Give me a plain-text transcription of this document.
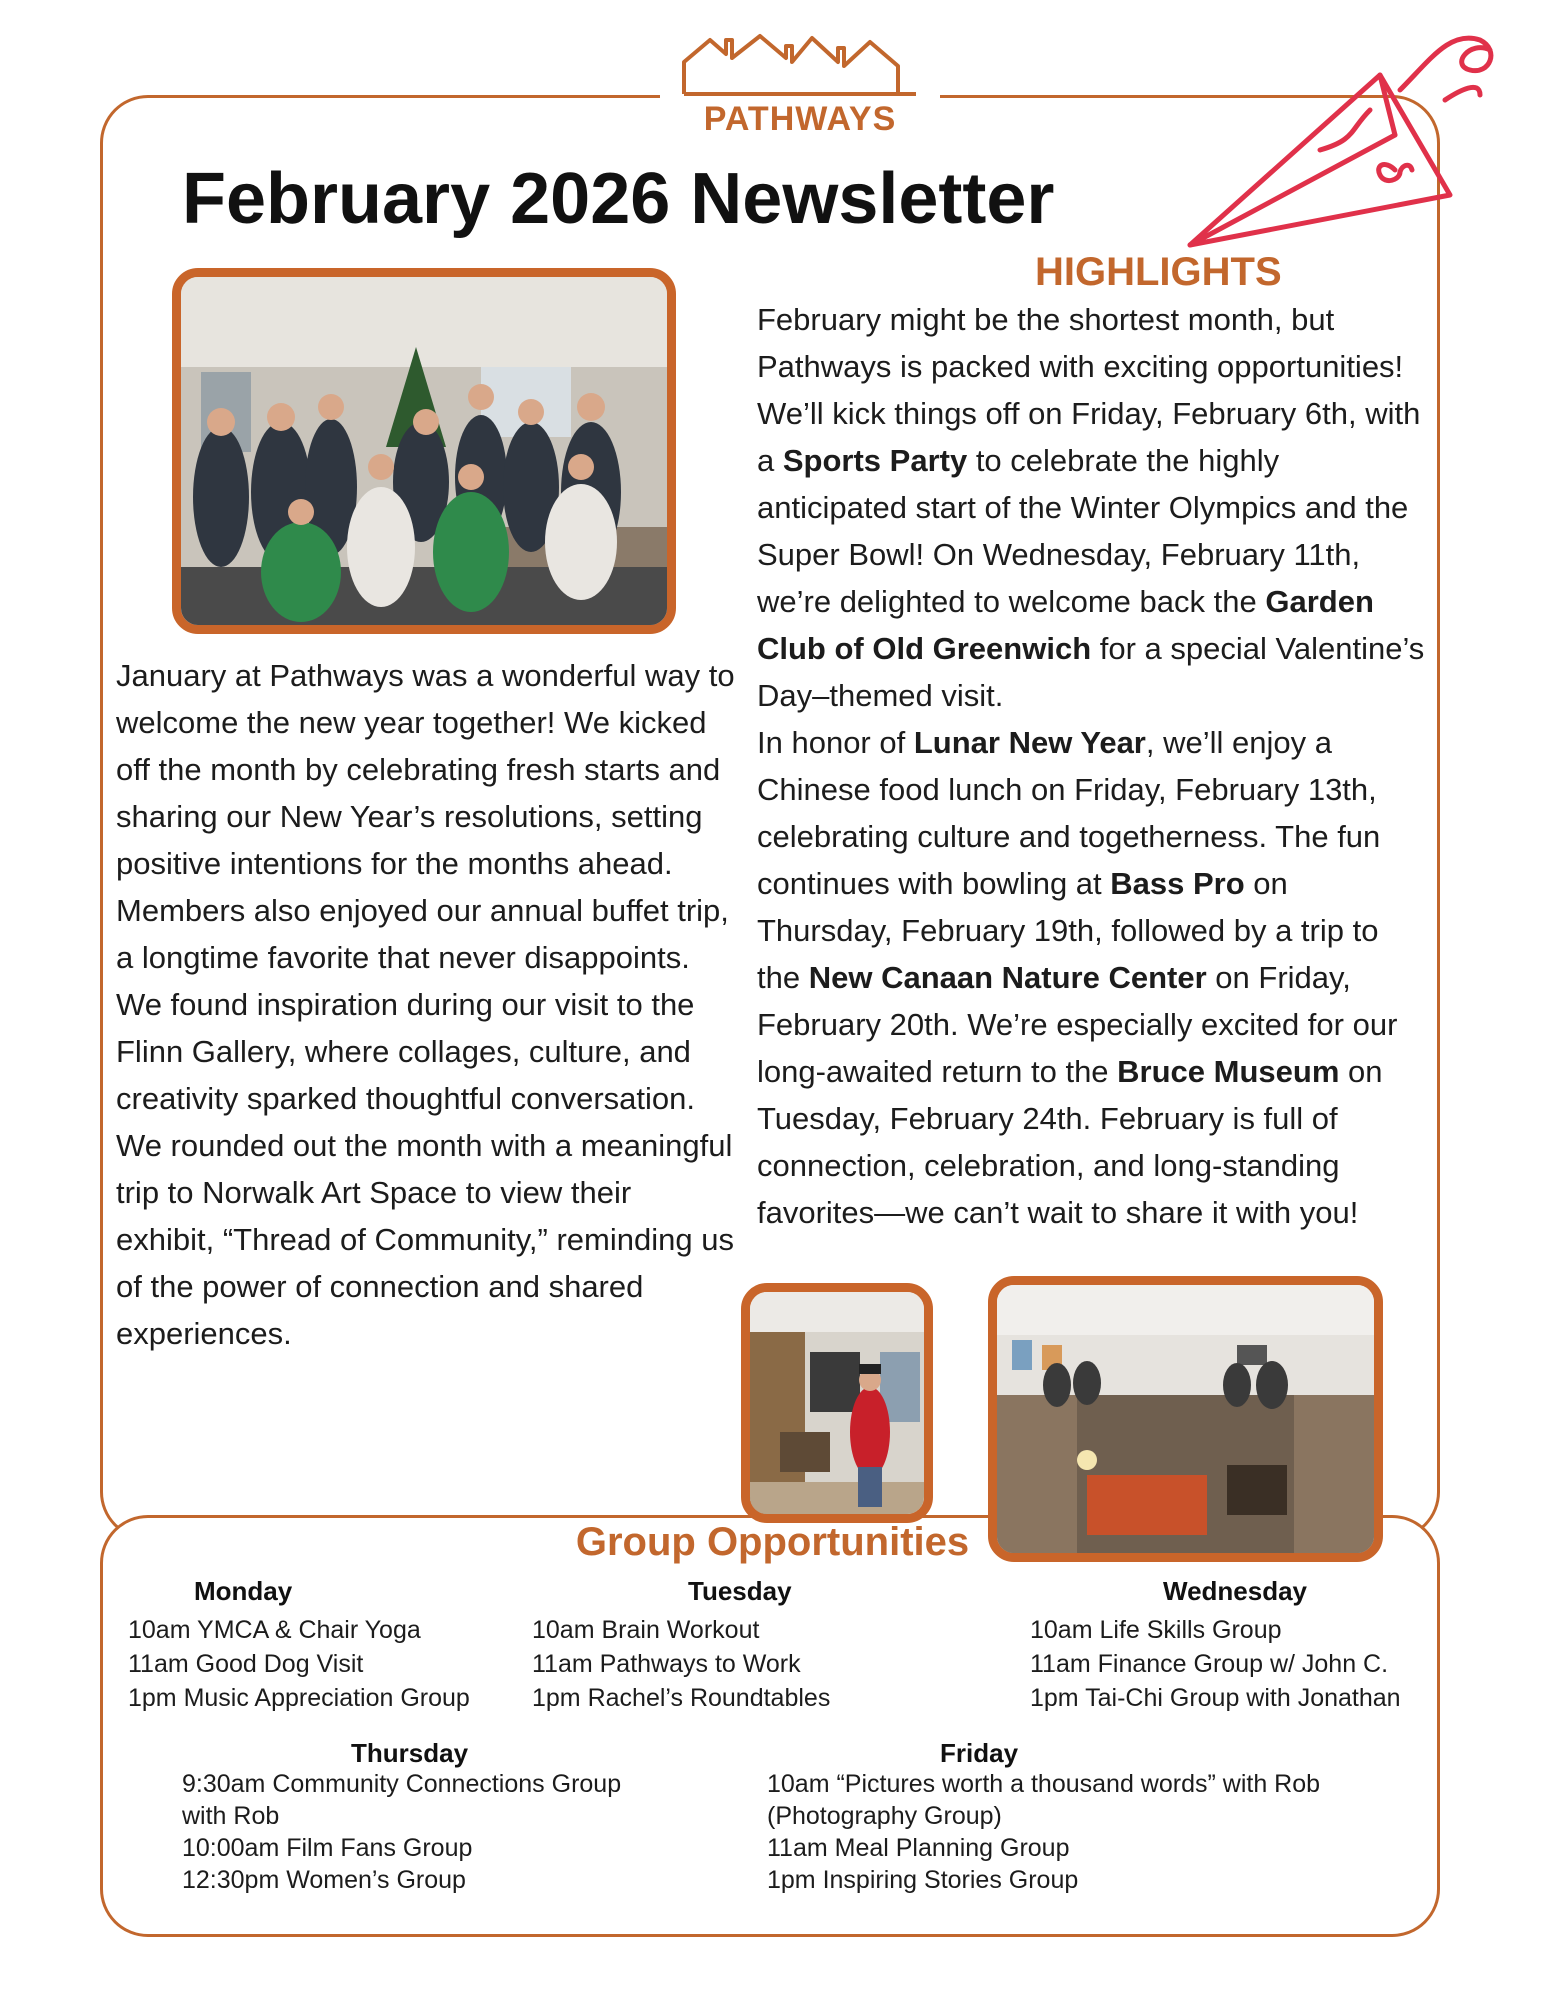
PATHWAYS
February 2026 Newsletter

January at Pathways was a wonderful way to welcome the new year together! We kicked off the month by celebrating fresh starts and sharing our New Year’s resolutions, setting positive intentions for the months ahead. Members also enjoyed our annual buffet trip, a longtime favorite that never disappoints.

We found inspiration during our visit to the Flinn Gallery, where collages, culture, and creativity sparked thoughtful conversation. We rounded out the month with a meaningful trip to Norwalk Art Space to view their exhibit, “Thread of Community,” reminding us of the power of connection and shared experiences.

HIGHLIGHTS

February might be the shortest month, but Pathways is packed with exciting opportunities!

We’ll kick things off on Friday, February 6th, with a Sports Party to celebrate the highly anticipated start of the Winter Olympics and the Super Bowl! On Wednesday, February 11th, we’re delighted to welcome back the Garden Club of Old Greenwich for a special Valentine’s Day–themed visit.

In honor of Lunar New Year, we’ll enjoy a Chinese food lunch on Friday, February 13th, celebrating culture and togetherness. The fun continues with bowling at Bass Pro on Thursday, February 19th, followed by a trip to the New Canaan Nature Center on Friday, February 20th. We’re especially excited for our long-awaited return to the Bruce Museum on Tuesday, February 24th. February is full of connection, celebration, and long-standing favorites—we can’t wait to share it with you!

Group Opportunities
Monday
10am YMCA & Chair Yoga
11am Good Dog Visit
1pm Music Appreciation Group
Tuesday
10am Brain Workout
11am Pathways to Work
1pm Rachel’s Roundtables
Wednesday
10am Life Skills Group
11am Finance Group w/ John C.
1pm Tai-Chi Group with Jonathan
Thursday
9:30am Community Connections Group with Rob
10:00am Film Fans Group
12:30pm Women’s Group
Friday
10am “Pictures worth a thousand words” with Rob (Photography Group)
11am Meal Planning Group
1pm Inspiring Stories Group
